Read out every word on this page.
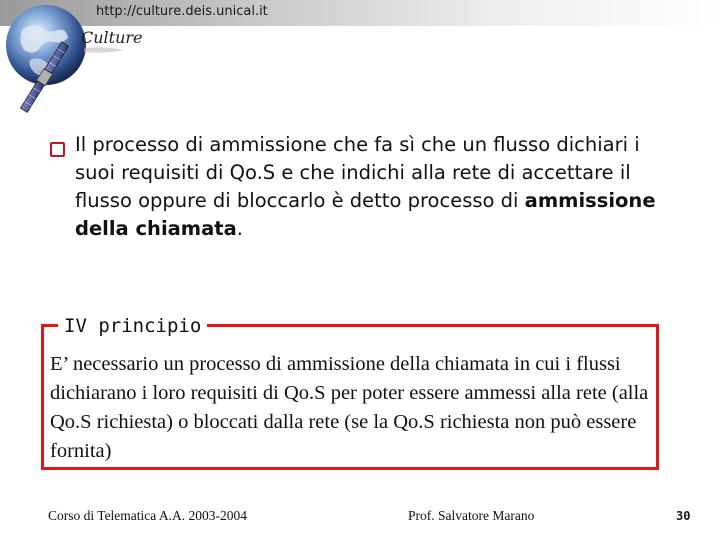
http://culture.deis.unical.it
Culture
Il processo di ammissione che fa sì che un flusso dichiari i suoi requisiti di Qo.S e che indichi alla rete di accettare il flusso oppure di bloccarlo è detto processo di ammissione della chiamata.
IV principio
E’ necessario un processo di ammissione della chiamata in cui i flussi dichiarano i loro requisiti di Qo.S per poter essere ammessi alla rete (alla Qo.S richiesta) o bloccati dalla rete (se la Qo.S richiesta non può essere fornita)
Corso di Telematica A.A. 2003-2004	Prof. Salvatore Marano	30
